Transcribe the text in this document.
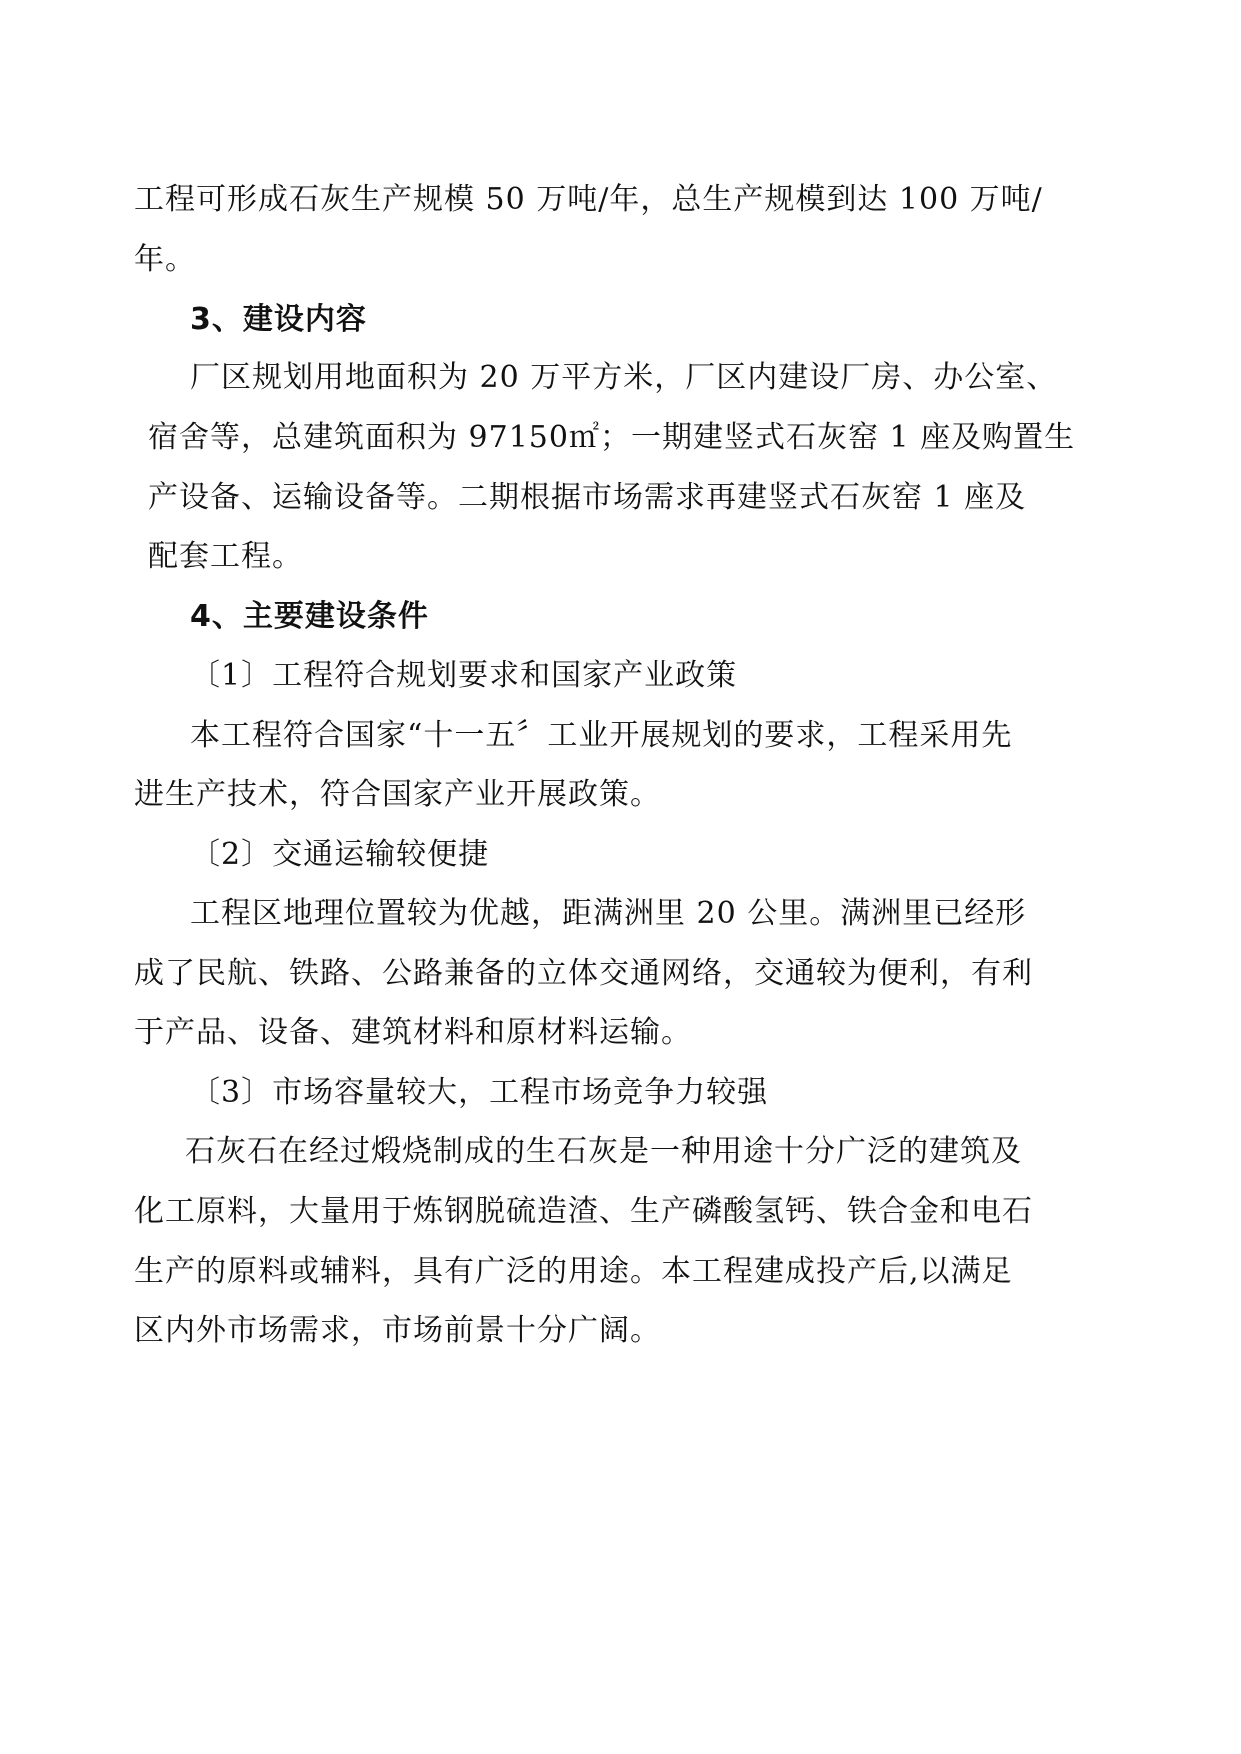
工程可形成石灰生产规模 50 万吨/年，总生产规模到达 100 万吨/
年。
3、建设内容
厂区规划用地面积为 20 万平方米，厂区内建设厂房、办公室、
宿舍等，总建筑面积为 97150㎡；一期建竖式石灰窑 1 座及购置生
产设备、运输设备等。二期根据市场需求再建竖式石灰窑 1 座及
配套工程。
4、主要建设条件
〔1〕工程符合规划要求和国家产业政策
本工程符合国家“十一五〞工业开展规划的要求，工程采用先
进生产技术，符合国家产业开展政策。
〔2〕交通运输较便捷
工程区地理位置较为优越，距满洲里 20 公里。满洲里已经形
成了民航、铁路、公路兼备的立体交通网络，交通较为便利，有利
于产品、设备、建筑材料和原材料运输。
〔3〕市场容量较大，工程市场竞争力较强
石灰石在经过煅烧制成的生石灰是一种用途十分广泛的建筑及
化工原料，大量用于炼钢脱硫造渣、生产磷酸氢钙、铁合金和电石
生产的原料或辅料，具有广泛的用途。本工程建成投产后,以满足
区内外市场需求，市场前景十分广阔。
